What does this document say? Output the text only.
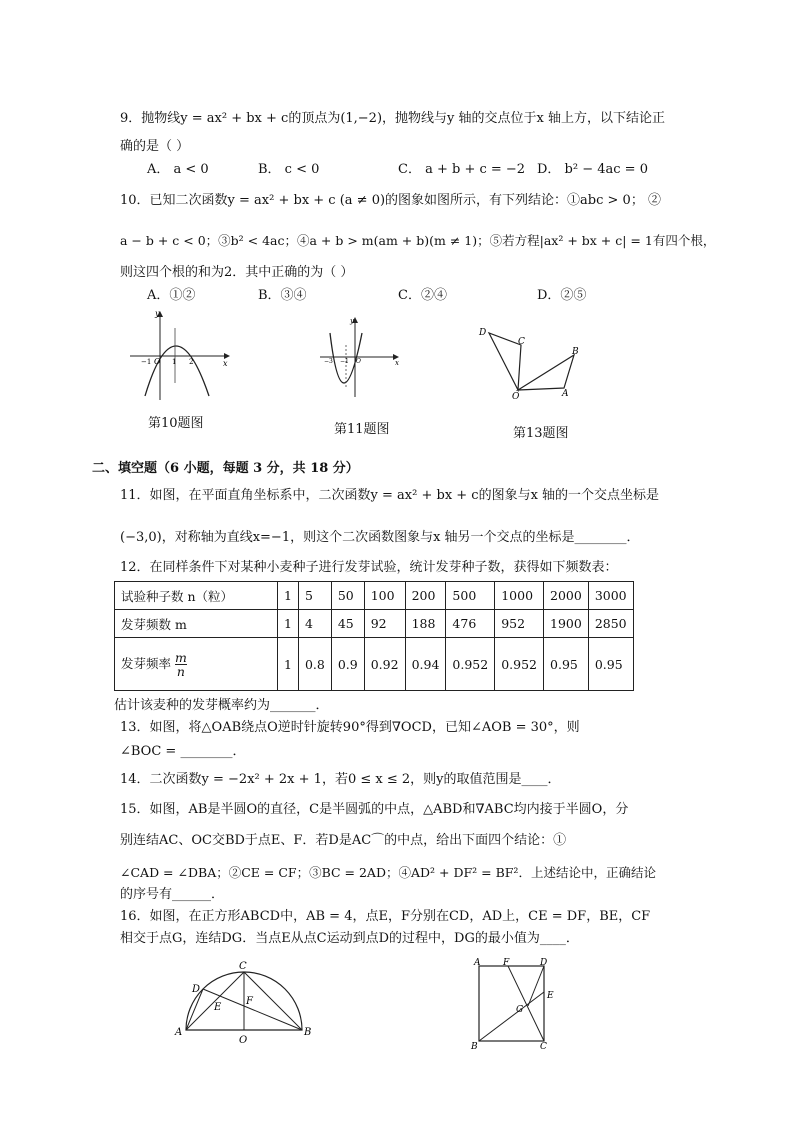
9．抛物线y = ax² + bx + c的顶点为(1,−2)，抛物线与y 轴的交点位于x 轴上方，以下结论正
确的是（ ）
A． a < 0	B． c < 0	C． a + b + c = −2 D． b² − 4ac = 0
10．已知二次函数y = ax² + bx + c (a ≠ 0)的图象如图所示，有下列结论：①abc > 0； ②
a − b + c < 0；③b² < 4ac；④a + b > m(am + b)(m ≠ 1)；⑤若方程|ax² + bx + c| = 1有四个根，
则这四个根的和为2．其中正确的为（ ）
A．①②	B．③④	C．②④	D．②⑤
y
x
O
−1	1 2
第10题图
y
x
O
−3 −1
第11题图
D
C
B
O	A
第13题图
二、填空题（6 小题，每题 3 分，共 18 分）
11．如图，在平面直角坐标系中，二次函数y = ax² + bx + c的图象与x 轴的一个交点坐标是
(−3,0)，对称轴为直线x=−1，则这个二次函数图象与x 轴另一个交点的坐标是________．
12．在同样条件下对某种小麦种子进行发芽试验，统计发芽种子数，获得如下频数表：
试验种子数 n（粒）	1	5	50	100	200	500	1000	2000	3000
发芽频数 m	1	4	45	92	188	476	952	1900	2850
发芽频率 $\frac{m}{n}$	1	0.8	0.9	0.92	0.94	0.952	0.952	0.95	0.95
估计该麦种的发芽概率约为_______．
13．如图，将△OAB绕点O逆时针旋转90°得到∇OCD，已知∠AOB = 30°，则
∠BOC = ________．
14．二次函数y = −2x² + 2x + 1，若0 ≤ x ≤ 2，则y的取值范围是____．
15．如图，AB是半圆O的直径，C是半圆弧的中点，△ABD和∇ABC均内接于半圆O，分
别连结AC、OC交BD于点E、F．若D是AC⌒的中点，给出下面四个结论：①
∠CAD = ∠DBA；②CE = CF；③BC = 2AD；④AD² + DF² = BF²．上述结论中，正确结论
的序号有______．
16．如图，在正方形ABCD中，AB = 4，点E，F分别在CD，AD上，CE = DF，BE，CF
相交于点G，连结DG．当点E从点C运动到点D的过程中，DG的最小值为____．
C
D
F
E
A
O
B
A	F	D
E
G
B	C
